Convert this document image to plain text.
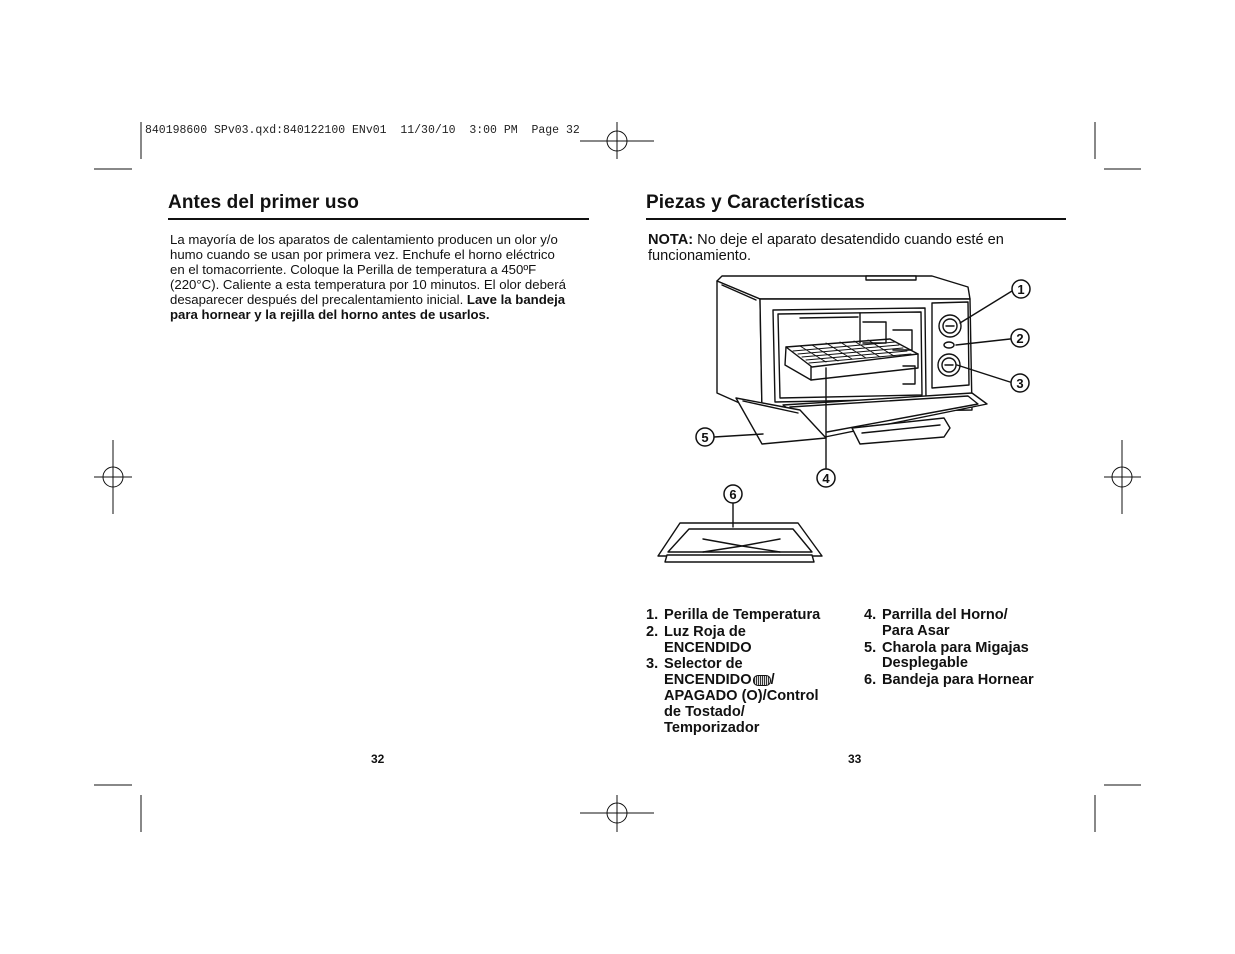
840198600 SPv03.qxd:840122100 ENv01  11/30/10  3:00 PM  Page 32
Antes del primer uso

La mayoría de los aparatos de calentamiento producen un olor y/o
humo cuando se usan por primera vez. Enchufe el horno eléctrico
en el tomacorriente. Coloque la Perilla de temperatura a 450ºF
(220°C). Caliente a esta temperatura por 10 minutos. El olor deberá
desaparecer después del precalentamiento inicial. Lave la bandeja
para hornear y la rejilla del horno antes de usarlos.

Piezas y Características

NOTA: No deje el aparato desatendido cuando esté en
funcionamiento.

1
2
3
4
5
6
1. Perilla de Temperatura
2. Luz Roja de
ENCENDIDO
3. Selector de
ENCENDIDO /
APAGADO (O)/Control
de Tostado/
Temporizador
4. Parrilla del Horno/
Para Asar
5. Charola para Migajas
Desplegable
6. Bandeja para Hornear
32	33
